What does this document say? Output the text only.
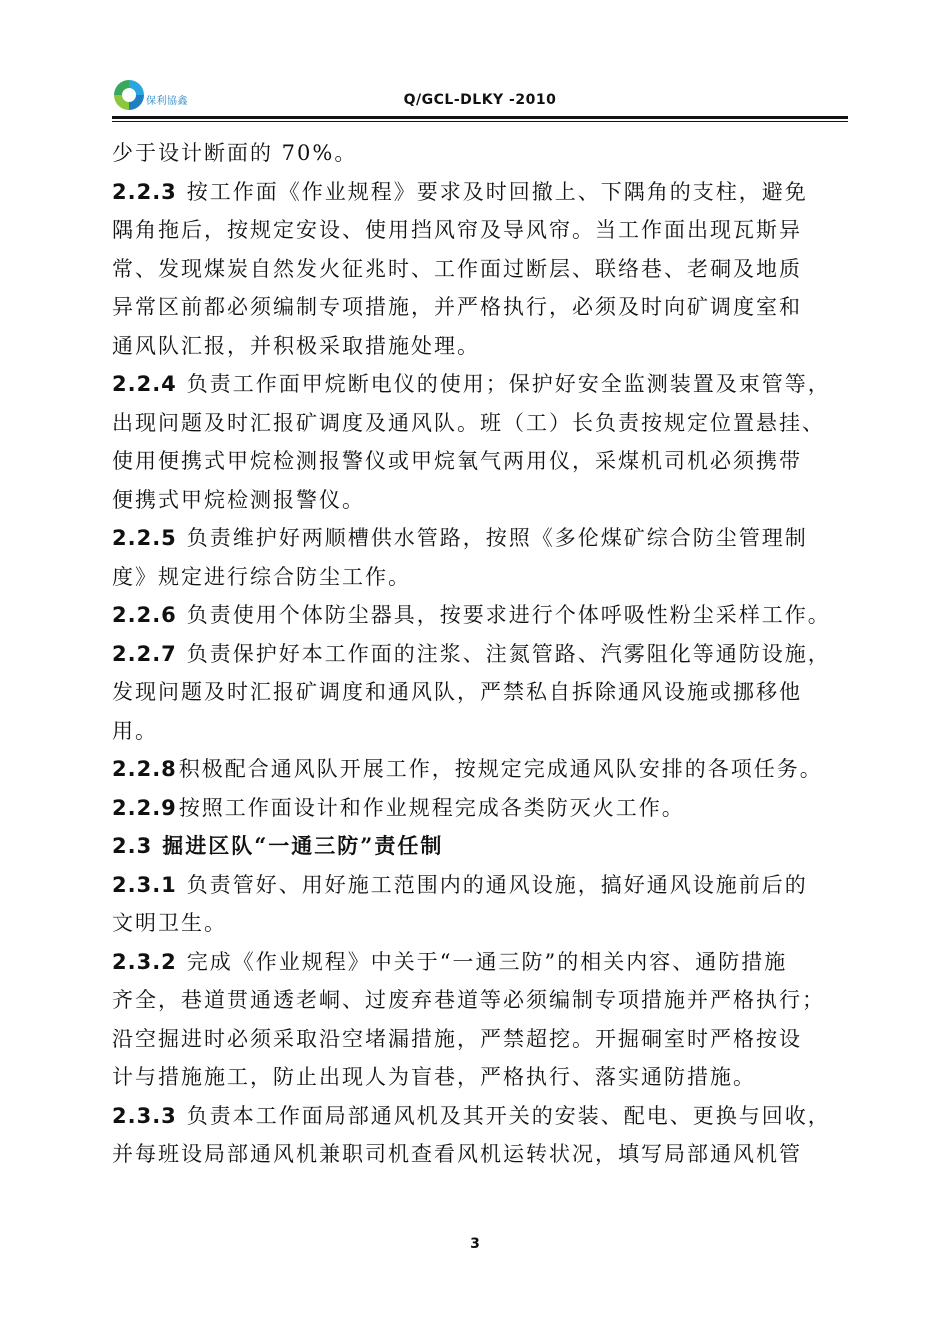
保利協鑫	Q/GCL-DLKY -2010
少于设计断面的 70%。
2.2.3 按工作面《作业规程》要求及时回撤上、下隅角的支柱，避免
隅角拖后，按规定安设、使用挡风帘及导风帘。当工作面出现瓦斯异
常、发现煤炭自然发火征兆时、工作面过断层、联络巷、老硐及地质
异常区前都必须编制专项措施，并严格执行，必须及时向矿调度室和
通风队汇报，并积极采取措施处理。
2.2.4 负责工作面甲烷断电仪的使用；保护好安全监测装置及束管等，
出现问题及时汇报矿调度及通风队。班（工）长负责按规定位置悬挂、
使用便携式甲烷检测报警仪或甲烷氧气两用仪，采煤机司机必须携带
便携式甲烷检测报警仪。
2.2.5 负责维护好两顺槽供水管路，按照《多伦煤矿综合防尘管理制
度》规定进行综合防尘工作。
2.2.6 负责使用个体防尘器具，按要求进行个体呼吸性粉尘采样工作。
2.2.7 负责保护好本工作面的注浆、注氮管路、汽雾阻化等通防设施，
发现问题及时汇报矿调度和通风队，严禁私自拆除通风设施或挪移他
用。
2.2.8积极配合通风队开展工作，按规定完成通风队安排的各项任务。
2.2.9按照工作面设计和作业规程完成各类防灭火工作。
2.3 掘进区队“一通三防”责任制
2.3.1 负责管好、用好施工范围内的通风设施，搞好通风设施前后的
文明卫生。
2.3.2 完成《作业规程》中关于“一通三防”的相关内容、通防措施
齐全，巷道贯通透老峒、过废弃巷道等必须编制专项措施并严格执行；
沿空掘进时必须采取沿空堵漏措施，严禁超挖。开掘硐室时严格按设
计与措施施工，防止出现人为盲巷，严格执行、落实通防措施。
2.3.3 负责本工作面局部通风机及其开关的安装、配电、更换与回收，
并每班设局部通风机兼职司机查看风机运转状况，填写局部通风机管
3
